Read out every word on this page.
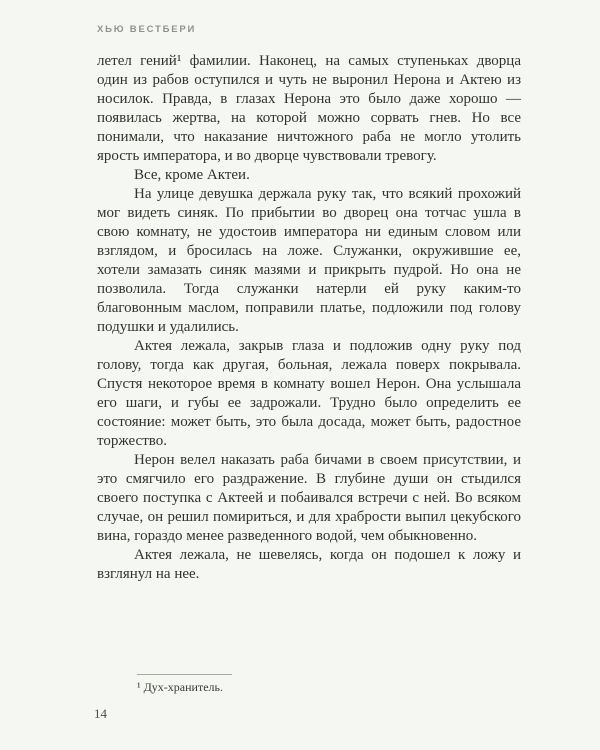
ХЬЮ ВЕСТБЕРИ

летел гений¹ фамилии. Наконец, на самых ступеньках дворца один из рабов оступился и чуть не выронил Нерона и Актею из носилок. Правда, в глазах Нерона это было даже хорошо — появилась жертва, на которой можно сорвать гнев. Но все понимали, что наказание ничтожного раба не могло утолить ярость императора, и во дворце чувствовали тревогу.

Все, кроме Актеи.

На улице девушка держала руку так, что всякий прохожий мог видеть синяк. По прибытии во дворец она тотчас ушла в свою комнату, не удостоив императора ни единым словом или взглядом, и бросилась на ложе. Служанки, окружившие ее, хотели замазать синяк мазями и прикрыть пудрой. Но она не позволила. Тогда служанки натерли ей руку каким-то благовонным маслом, поправили платье, подложили под голову подушки и удалились.

Актея лежала, закрыв глаза и подложив одну руку под голову, тогда как другая, больная, лежала поверх покрывала. Спустя некоторое время в комнату вошел Нерон. Она услышала его шаги, и губы ее задрожали. Трудно было определить ее состояние: может быть, это была досада, может быть, радостное торжество.

Нерон велел наказать раба бичами в своем присутствии, и это смягчило его раздражение. В глубине души он стыдился своего поступка с Актеей и побаивался встречи с ней. Во всяком случае, он решил помириться, и для храбрости выпил цекубского вина, гораздо менее разведенного водой, чем обыкновенно.

Актея лежала, не шевелясь, когда он подошел к ложу и взглянул на нее.

¹ Дух-хранитель.

14
